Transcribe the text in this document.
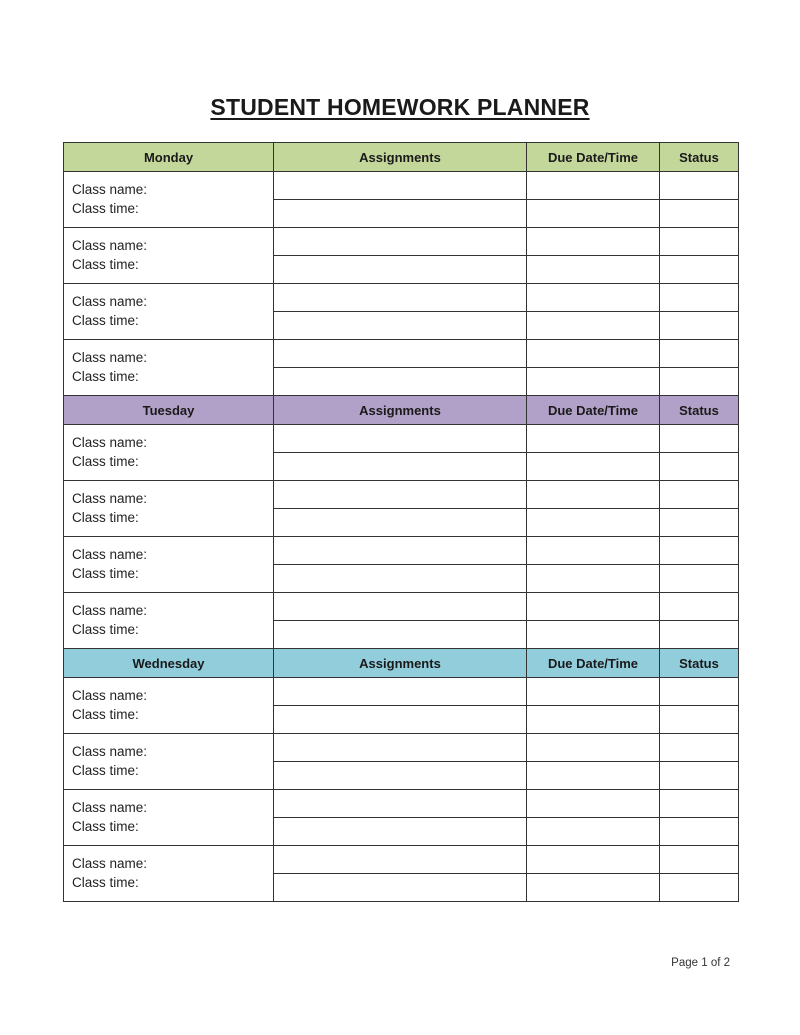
STUDENT HOMEWORK PLANNER
Monday	Assignments	Due Date/Time	Status

Class name:
Class time:			

Class name:
Class time:			

Class name:
Class time:			

Class name:
Class time:			

Tuesday	Assignments	Due Date/Time	Status

Class name:
Class time:			

Class name:
Class time:			

Class name:
Class time:			

Class name:
Class time:			

Wednesday	Assignments	Due Date/Time	Status

Class name:
Class time:			

Class name:
Class time:			

Class name:
Class time:			

Class name:
Class time:			

Page 1 of 2
